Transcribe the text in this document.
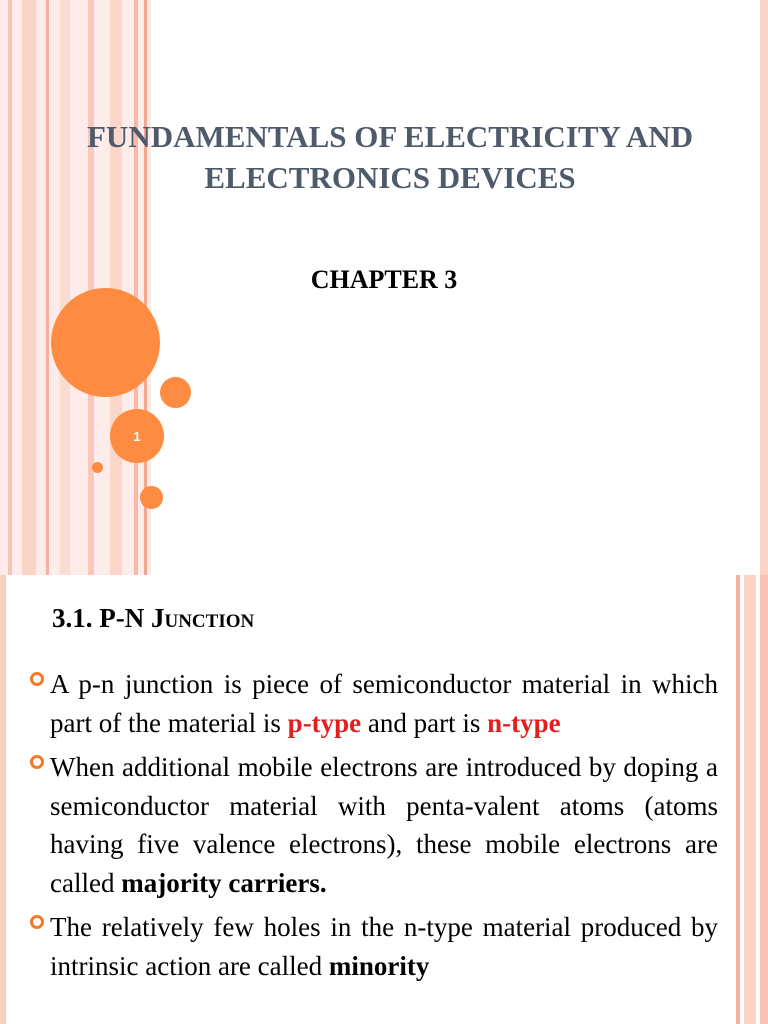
FUNDAMENTALS OF ELECTRICITY AND ELECTRONICS DEVICES
CHAPTER 3
1
3.1. P-N Junction
A p-n junction is piece of semiconductor material in which part of the material is p-type and part is n-type
When additional mobile electrons are introduced by doping a semiconductor material with penta-valent atoms (atoms having five valence electrons), these mobile electrons are called majority carriers.
The relatively few holes in the n-type material produced by intrinsic action are called minority
